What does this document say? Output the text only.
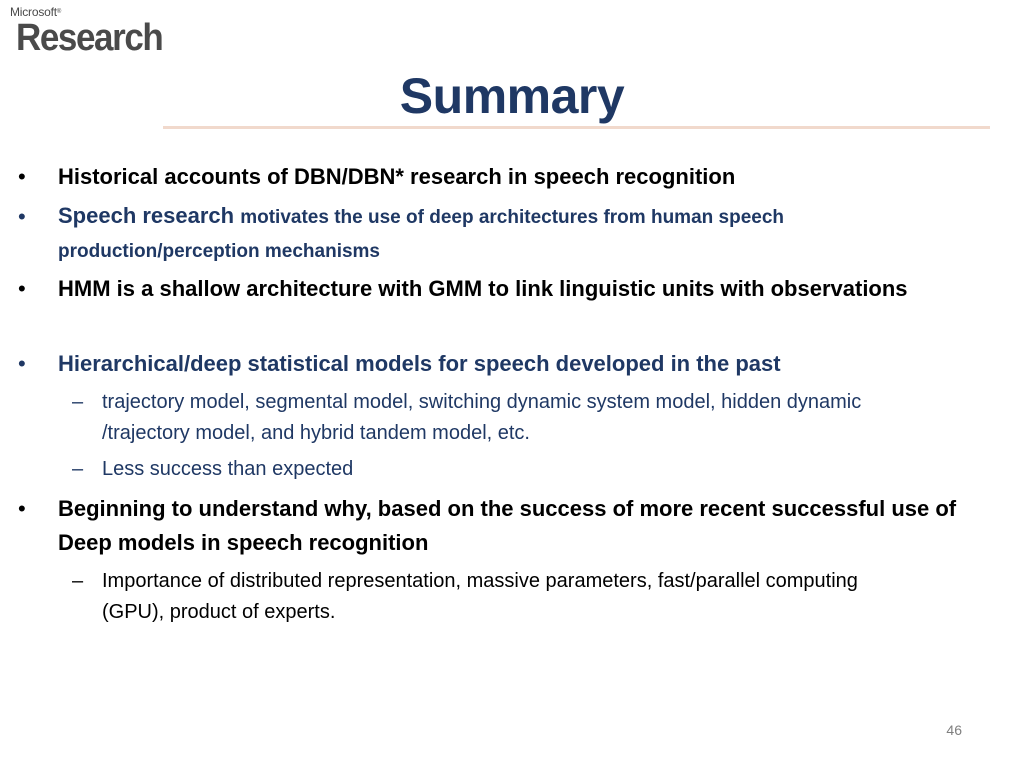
Microsoft®
Research
Summary
• Historical accounts of DBN/DBN* research in speech recognition
• Speech research motivates the use of deep architectures from human speech production/perception mechanisms
• HMM is a shallow architecture with GMM to link linguistic units with observations
• Hierarchical/deep statistical models for speech developed in the past
– trajectory model, segmental model, switching dynamic system model, hidden dynamic /trajectory model, and hybrid tandem model, etc.
– Less success than expected
• Beginning to understand why, based on the success of more recent successful use of Deep models in speech recognition
– Importance of distributed representation, massive parameters, fast/parallel computing (GPU), product of experts.
46
